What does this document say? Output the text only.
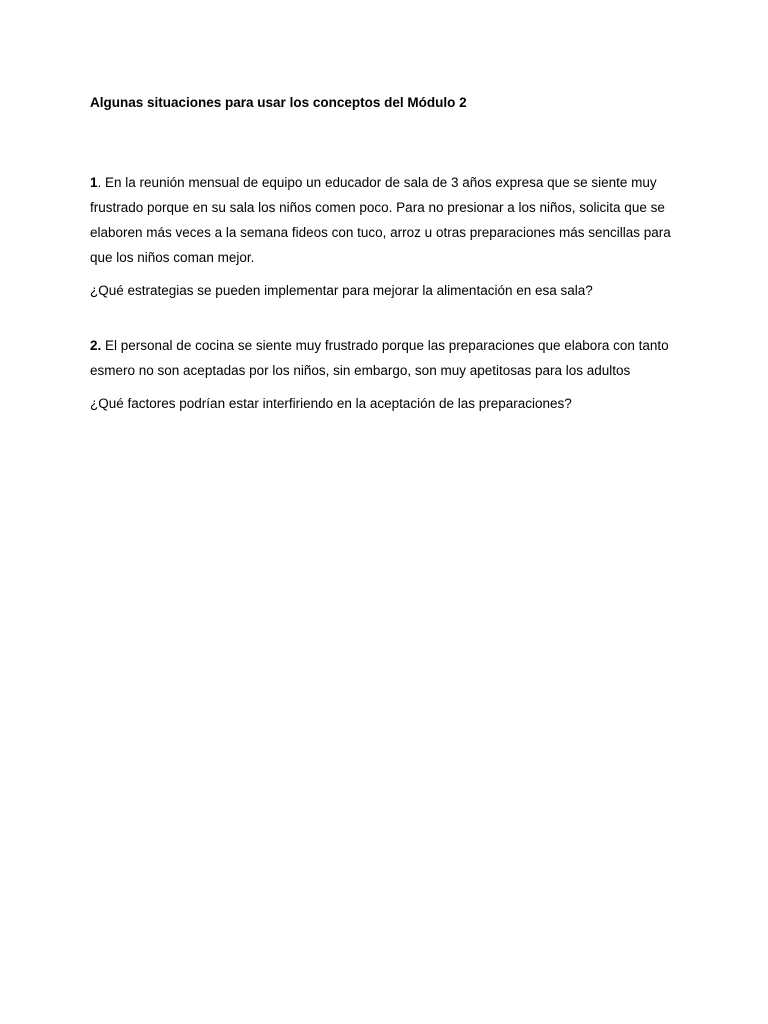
Algunas situaciones para usar los conceptos del Módulo 2

1. En la reunión mensual de equipo un educador de sala de 3 años expresa que se siente muy frustrado porque en su sala los niños comen poco. Para no presionar a los niños, solicita que se elaboren más veces a la semana fideos con tuco, arroz u otras preparaciones más sencillas para que los niños coman mejor.

¿Qué estrategias se pueden implementar para mejorar la alimentación en esa sala?

2. El personal de cocina se siente muy frustrado porque las preparaciones que elabora con tanto esmero no son aceptadas por los niños, sin embargo, son muy apetitosas para los adultos

¿Qué factores podrían estar interfiriendo en la aceptación de las preparaciones?
